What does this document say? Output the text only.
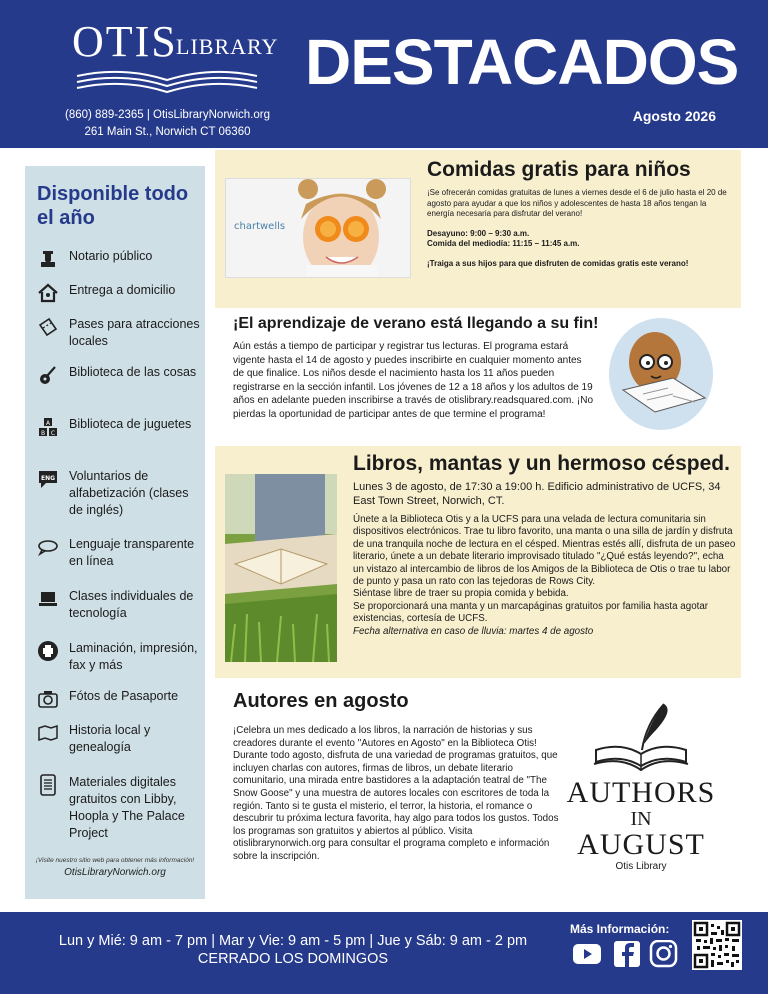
OTIS
LIBRARY
(860) 889-2365 | OtisLibraryNorwich.org
261 Main St., Norwich CT 06360
DESTACADOS
Agosto 2026
Disponible todo el año
Notario público
Entrega a domicilio
Pases para atracciones locales
Biblioteca de las cosas
A
B C
Biblioteca de juguetes
ENG Voluntarios de alfabetización (clases de inglés)
Lenguaje transparente en línea
Clases individuales de tecnología
Laminación, impresión, fax y más
Fótos de Pasaporte
Historia local y genealogía
Materiales digitales gratuitos con Libby, Hoopla y The Palace Project
¡Visite nuestro sitio web para obtener más información!
OtisLibraryNorwich.org
chartwells
Comidas gratis para niños

¡Se ofrecerán comidas gratuitas de lunes a viernes desde el 6 de julio hasta el 20 de agosto para ayudar a que los niños y adolescentes de hasta 18 años tengan la energía necesaria para disfrutar del verano!

Desayuno: 9:00 – 9:30 a.m.

Comida del mediodía: 11:15 – 11:45 a.m.

¡Traiga a sus hijos para que disfruten de comidas gratis este verano!

¡El aprendizaje de verano está llegando a su fin!
Aún estás a tiempo de participar y registrar tus lecturas. El programa estará vigente hasta el 14 de agosto y puedes inscribirte en cualquier momento antes de que finalice. Los niños desde el nacimiento hasta los 11 años pueden registrarse en la sección infantil. Los jóvenes de 12 a 18 años y los adultos de 19 años en adelante pueden inscribirse a través de otislibrary.readsquared.com. ¡No pierdas la oportunidad de participar antes de que termine el programa!
Libros, mantas y un hermoso césped.
Lunes 3 de agosto, de 17:30 a 19:00 h. Edificio administrativo de UCFS, 34 East Town Street, Norwich, CT.
Únete a la Biblioteca Otis y a la UCFS para una velada de lectura comunitaria sin dispositivos electrónicos. Trae tu libro favorito, una manta o una silla de jardín y disfruta de una tranquila noche de lectura en el césped. Mientras estés allí, disfruta de un paseo literario, únete a un debate literario improvisado titulado "¿Qué estás leyendo?", echa un vistazo al intercambio de libros de los Amigos de la Biblioteca de Otis o trae tu labor de punto y pasa un rato con las tejedoras de Rows City.
Siéntase libre de traer su propia comida y bebida.
Se proporcionará una manta y un marcapáginas gratuitos por familia hasta agotar existencias, cortesía de UCFS.
Fecha alternativa en caso de lluvia: martes 4 de agosto
Autores en agosto
¡Celebra un mes dedicado a los libros, la narración de historias y sus creadores durante el evento "Autores en Agosto" en la Biblioteca Otis! Durante todo agosto, disfruta de una variedad de programas gratuitos, que incluyen charlas con autores, firmas de libros, un debate literario comunitario, una mirada entre bastidores a la adaptación teatral de "The Snow Goose" y una muestra de autores locales con escritores de toda la región. Tanto si te gusta el misterio, el terror, la historia, el romance o descubrir tu próxima lectura favorita, hay algo para todos los gustos. Todos los programas son gratuitos y abiertos al público. Visita otislibrarynorwich.org para consultar el programa completo e información sobre la inscripción.
AUTHORS
IN
AUGUST
Otis Library
Lun y Mié: 9 am - 7 pm | Mar y Vie: 9 am - 5 pm | Jue y Sáb: 9 am - 2 pm
CERRADO LOS DOMINGOS
Más Información:
